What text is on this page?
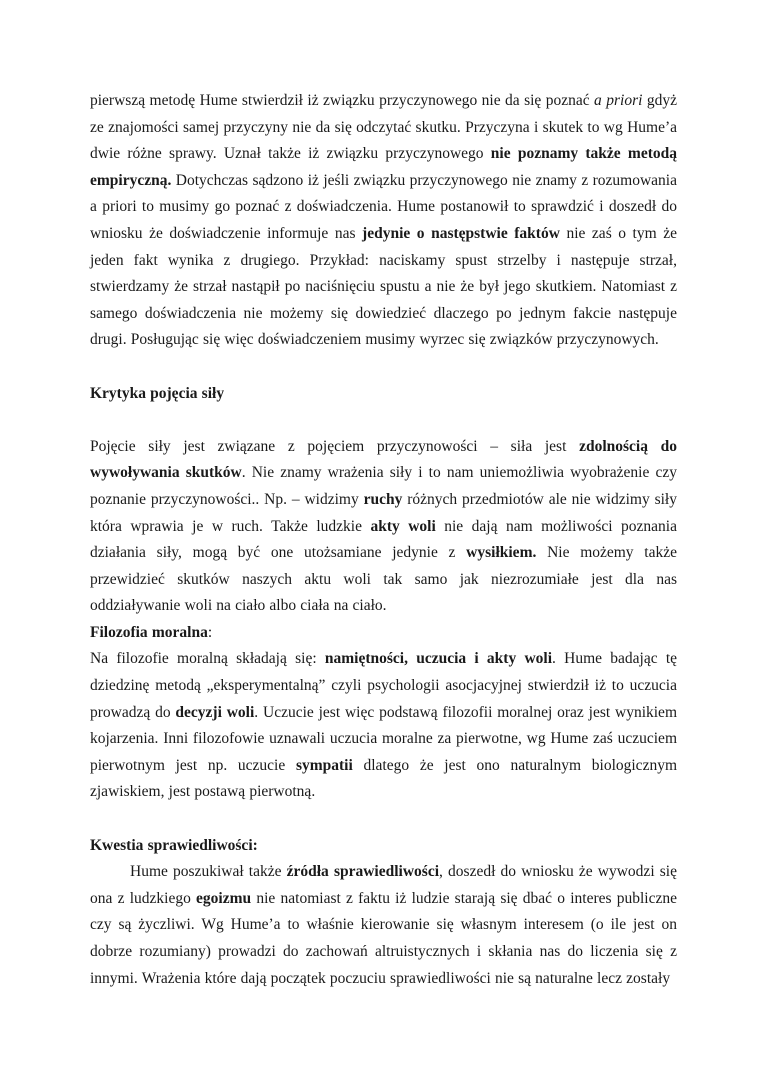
pierwszą metodę Hume stwierdził iż związku przyczynowego nie da się poznać a priori gdyż ze znajomości samej przyczyny nie da się odczytać skutku. Przyczyna i skutek to wg Hume’a dwie różne sprawy. Uznał także iż związku przyczynowego nie poznamy także metodą empiryczną. Dotychczas sądzono iż jeśli związku przyczynowego nie znamy z rozumowania a priori to musimy go poznać z doświadczenia. Hume postanowił to sprawdzić i doszedł do wniosku że doświadczenie informuje nas jedynie o następstwie faktów nie zaś o tym że jeden fakt wynika z drugiego. Przykład: naciskamy spust strzelby i następuje strzał, stwierdzamy że strzał nastąpił po naciśnięciu spustu a nie że był jego skutkiem. Natomiast z samego doświadczenia nie możemy się dowiedzieć dlaczego po jednym fakcie następuje drugi. Posługując się więc doświadczeniem musimy wyrzec się związków przyczynowych.

Krytyka pojęcia siły

Pojęcie siły jest związane z pojęciem przyczynowości – siła jest zdolnością do wywoływania skutków. Nie znamy wrażenia siły i to nam uniemożliwia wyobrażenie czy poznanie przyczynowości.. Np. – widzimy ruchy różnych przedmiotów ale nie widzimy siły która wprawia je w ruch. Także ludzkie akty woli nie dają nam możliwości poznania działania siły, mogą być one utożsamiane jedynie z wysiłkiem. Nie możemy także przewidzieć skutków naszych aktu woli tak samo jak niezrozumiałe jest dla nas oddziaływanie woli na ciało albo ciała na ciało.

Filozofia moralna:

Na filozofie moralną składają się: namiętności, uczucia i akty woli. Hume badając tę dziedzinę metodą „eksperymentalną” czyli psychologii asocjacyjnej stwierdził iż to uczucia prowadzą do decyzji woli. Uczucie jest więc podstawą filozofii moralnej oraz jest wynikiem kojarzenia. Inni filozofowie uznawali uczucia moralne za pierwotne, wg Hume zaś uczuciem pierwotnym jest np. uczucie sympatii dlatego że jest ono naturalnym biologicznym zjawiskiem, jest postawą pierwotną.

Kwestia sprawiedliwości:

Hume poszukiwał także źródła sprawiedliwości, doszedł do wniosku że wywodzi się ona z ludzkiego egoizmu nie natomiast z faktu iż ludzie starają się dbać o interes publiczne czy są życzliwi. Wg Hume’a to właśnie kierowanie się własnym interesem (o ile jest on dobrze rozumiany) prowadzi do zachowań altruistycznych i skłania nas do liczenia się z innymi. Wrażenia które dają początek poczuciu sprawiedliwości nie są naturalne lecz zostały
